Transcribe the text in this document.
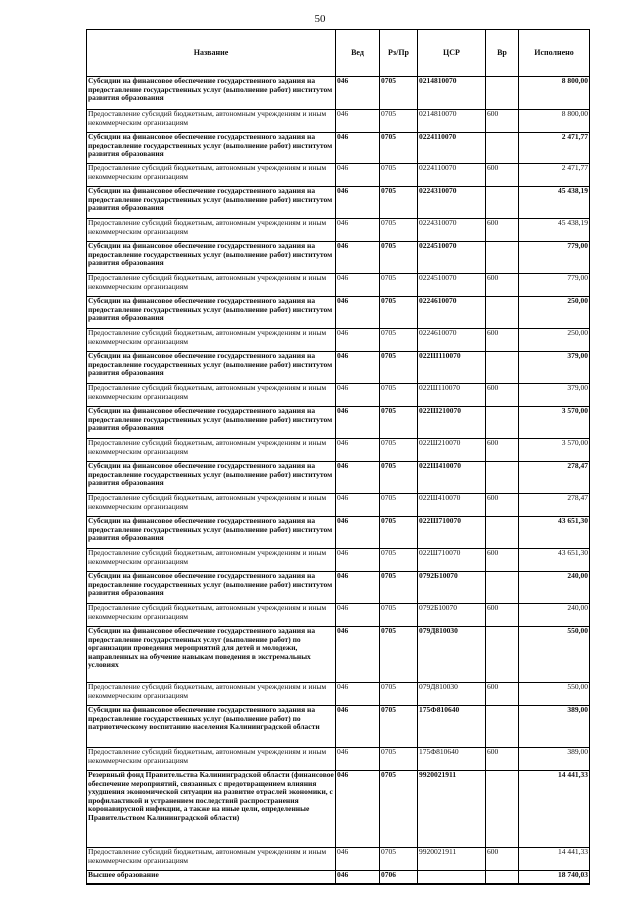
50
Название	Вед	Рз/Пр	ЦСР	Вр	Исполнено
Субсидии на финансовое обеспечение государственного задания на предоставление государственных услуг (выполнение работ) институтом развития образования	046	0705	0214810070		8 800,00
Предоставление субсидий бюджетным, автономным учреждениям и иным некоммерческим организациям	046	0705	0214810070	600	8 800,00
Субсидии на финансовое обеспечение государственного задания на предоставление государственных услуг (выполнение работ) институтом развития образования	046	0705	0224110070		2 471,77
Предоставление субсидий бюджетным, автономным учреждениям и иным некоммерческим организациям	046	0705	0224110070	600	2 471,77
Субсидии на финансовое обеспечение государственного задания на предоставление государственных услуг (выполнение работ) институтом развития образования	046	0705	0224310070		45 438,19
Предоставление субсидий бюджетным, автономным учреждениям и иным некоммерческим организациям	046	0705	0224310070	600	45 438,19
Субсидии на финансовое обеспечение государственного задания на предоставление государственных услуг (выполнение работ) институтом развития образования	046	0705	0224510070		779,00
Предоставление субсидий бюджетным, автономным учреждениям и иным некоммерческим организациям	046	0705	0224510070	600	779,00
Субсидии на финансовое обеспечение государственного задания на предоставление государственных услуг (выполнение работ) институтом развития образования	046	0705	0224610070		250,00
Предоставление субсидий бюджетным, автономным учреждениям и иным некоммерческим организациям	046	0705	0224610070	600	250,00
Субсидии на финансовое обеспечение государственного задания на предоставление государственных услуг (выполнение работ) институтом развития образования	046	0705	022Ш110070		379,00
Предоставление субсидий бюджетным, автономным учреждениям и иным некоммерческим организациям	046	0705	022Ш110070	600	379,00
Субсидии на финансовое обеспечение государственного задания на предоставление государственных услуг (выполнение работ) институтом развития образования	046	0705	022Ш210070		3 570,00
Предоставление субсидий бюджетным, автономным учреждениям и иным некоммерческим организациям	046	0705	022Ш210070	600	3 570,00
Субсидии на финансовое обеспечение государственного задания на предоставление государственных услуг (выполнение работ) институтом развития образования	046	0705	022Ш410070		278,47
Предоставление субсидий бюджетным, автономным учреждениям и иным некоммерческим организациям	046	0705	022Ш410070	600	278,47
Субсидии на финансовое обеспечение государственного задания на предоставление государственных услуг (выполнение работ) институтом развития образования	046	0705	022Ш710070		43 651,30
Предоставление субсидий бюджетным, автономным учреждениям и иным некоммерческим организациям	046	0705	022Ш710070	600	43 651,30
Субсидии на финансовое обеспечение государственного задания на предоставление государственных услуг (выполнение работ) институтом развития образования	046	0705	0792Б10070		240,00
Предоставление субсидий бюджетным, автономным учреждениям и иным некоммерческим организациям	046	0705	0792Б10070	600	240,00
Субсидии на финансовое обеспечение государственного задания на предоставление государственных услуг (выполнение работ) по организации проведения мероприятий для детей и молодежи, направленных на обучение навыкам поведения в экстремальных условиях	046	0705	079Д810030		550,00
Предоставление субсидий бюджетным, автономным учреждениям и иным некоммерческим организациям	046	0705	079Д810030	600	550,00
Субсидии на финансовое обеспечение государственного задания на предоставление государственных услуг (выполнение работ) по патриотическому воспитанию населения Калининградской области	046	0705	175Ф810640		389,00
Предоставление субсидий бюджетным, автономным учреждениям и иным некоммерческим организациям	046	0705	175Ф810640	600	389,00
Резервный фонд Правительства Калининградской области (финансовое обеспечение мероприятий, связанных с предотвращением влияния ухудшения экономической ситуации на развитие отраслей экономики, с профилактикой и устранением последствий распространения коронавирусной инфекции, а также на иные цели, определенные Правительством Калининградской области)	046	0705	9920021911		14 441,33
Предоставление субсидий бюджетным, автономным учреждениям и иным некоммерческим организациям	046	0705	9920021911	600	14 441,33
Высшее образование	046	0706			18 740,03
